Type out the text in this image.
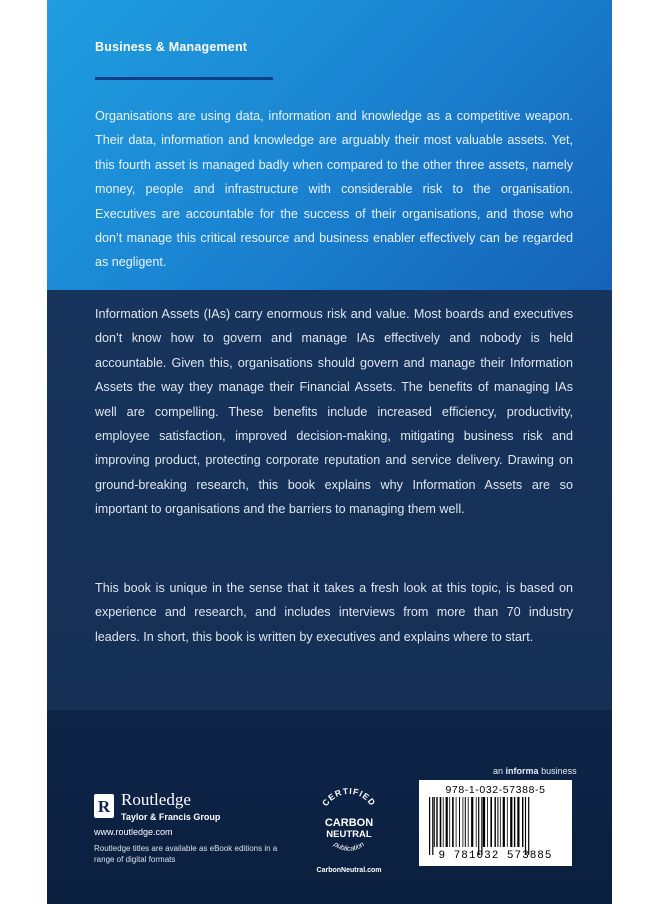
Business & Management

Organisations are using data, information and knowledge as a competitive weapon. Their data, information and knowledge are arguably their most valuable assets. Yet, this fourth asset is managed badly when compared to the other three assets, namely money, people and infrastructure with considerable risk to the organisation. Executives are accountable for the success of their organisations, and those who don’t manage this critical resource and business enabler effectively can be regarded as negligent.

Information Assets (IAs) carry enormous risk and value. Most boards and executives don’t know how to govern and manage IAs effectively and nobody is held accountable. Given this, organisations should govern and manage their Information Assets the way they manage their Financial Assets. The benefits of managing IAs well are compelling. These benefits include increased efficiency, productivity, employee satisfaction, improved decision-making, mitigating business risk and improving product, protecting corporate reputation and service delivery. Drawing on ground-breaking research, this book explains why Information Assets are so important to organisations and the barriers to managing them well.

This book is unique in the sense that it takes a fresh look at this topic, is based on experience and research, and includes interviews from more than 70 industry leaders. In short, this book is written by executives and explains where to start.

an informa business
R Routledge
Taylor & Francis Group
www.routledge.com
Routledge titles are available as eBook editions in a range of digital formats
CERTIFIED
CARBON
NEUTRAL
publication
CarbonNeutral.com
978-1-032-57388-5
9 781032 573885
